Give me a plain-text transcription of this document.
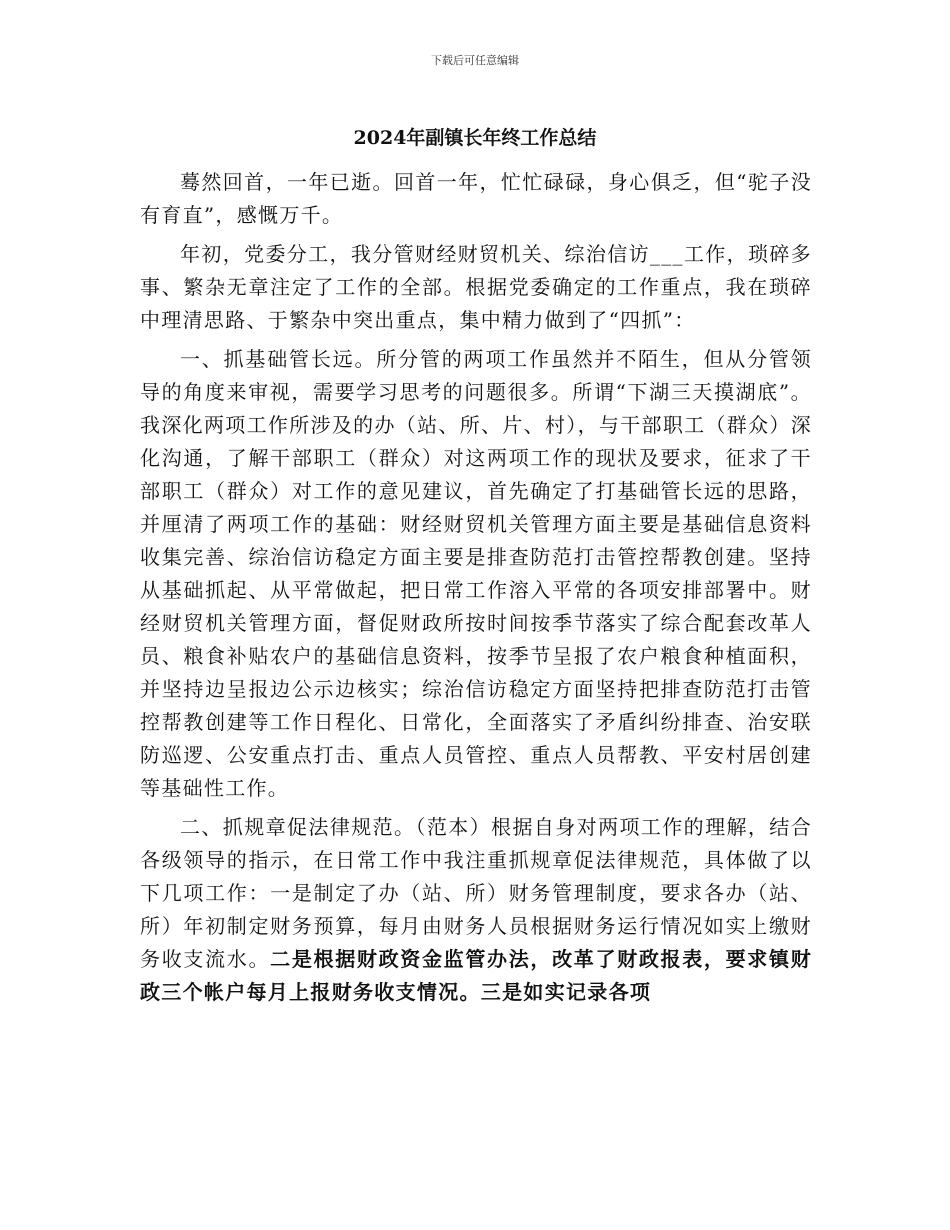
下载后可任意编辑
2024年副镇长年终工作总结

蓦然回首，一年已逝。回首一年，忙忙碌碌，身心俱乏，但“驼子没有育直”，感慨万千。

年初，党委分工，我分管财经财贸机关、综治信访___工作，琐碎多事、繁杂无章注定了工作的全部。根据党委确定的工作重点，我在琐碎中理清思路、于繁杂中突出重点，集中精力做到了“四抓”：

一、抓基础管长远。所分管的两项工作虽然并不陌生，但从分管领导的角度来审视，需要学习思考的问题很多。所谓“下湖三天摸湖底”。我深化两项工作所涉及的办（站、所、片、村），与干部职工（群众）深化沟通，了解干部职工（群众）对这两项工作的现状及要求，征求了干部职工（群众）对工作的意见建议，首先确定了打基础管长远的思路，并厘清了两项工作的基础：财经财贸机关管理方面主要是基础信息资料收集完善、综治信访稳定方面主要是排查防范打击管控帮教创建。坚持从基础抓起、从平常做起，把日常工作溶入平常的各项安排部署中。财经财贸机关管理方面，督促财政所按时间按季节落实了综合配套改革人员、粮食补贴农户的基础信息资料，按季节呈报了农户粮食种植面积，并坚持边呈报边公示边核实；综治信访稳定方面坚持把排查防范打击管控帮教创建等工作日程化、日常化，全面落实了矛盾纠纷排查、治安联防巡逻、公安重点打击、重点人员管控、重点人员帮教、平安村居创建等基础性工作。

二、抓规章促法律规范。（范本）根据自身对两项工作的理解，结合各级领导的指示，在日常工作中我注重抓规章促法律规范，具体做了以下几项工作：一是制定了办（站、所）财务管理制度，要求各办（站、所）年初制定财务预算，每月由财务人员根据财务运行情况如实上缴财务收支流水。二是根据财政资金监管办法，改革了财政报表，要求镇财政三个帐户每月上报财务收支情况。三是如实记录各项
